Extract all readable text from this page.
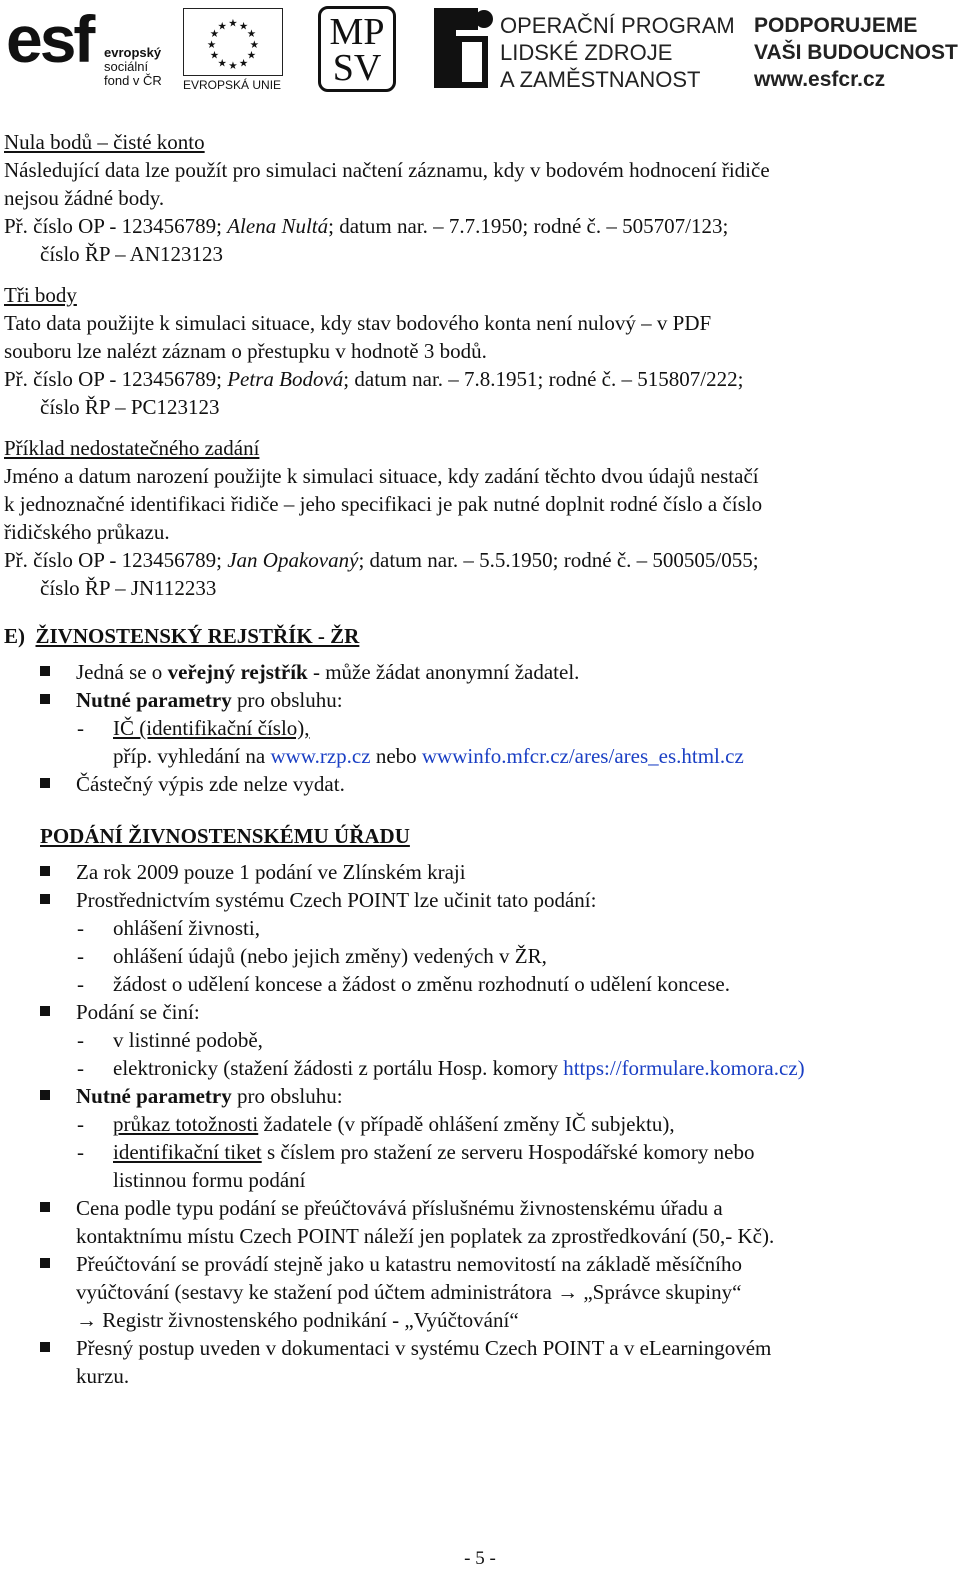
esf evropský
sociální
fond v ČR
★ ★
★
★
★
★
★
★
★
★
★
★
EVROPSKÁ UNIE
MP
SV
OPERAČNÍ PROGRAM
LIDSKÉ ZDROJE
A ZAMĚSTNANOST
PODPORUJEME
VAŠI BUDOUCNOST
www.esfcr.cz
Nula bodů – čisté konto
Následující data lze použít pro simulaci načtení záznamu, kdy v bodovém hodnocení řidiče
nejsou žádné body.
Př. číslo OP - 123456789; Alena Nultá; datum nar. – 7.7.1950; rodné č. – 505707/123;
číslo ŘP – AN123123
Tři body
Tato data použijte k simulaci situace, kdy stav bodového konta není nulový – v PDF
souboru lze nalézt záznam o přestupku v hodnotě 3 bodů.
Př. číslo OP - 123456789; Petra Bodová; datum nar. – 7.8.1951; rodné č. – 515807/222;
číslo ŘP – PC123123
Příklad nedostatečného zadání
Jméno a datum narození použijte k simulaci situace, kdy zadání těchto dvou údajů nestačí
k jednoznačné identifikaci řidiče – jeho specifikaci je pak nutné doplnit rodné číslo a číslo
řidičského průkazu.
Př. číslo OP - 123456789; Jan Opakovaný; datum nar. – 5.5.1950; rodné č. – 500505/055;
číslo ŘP – JN112233
E) ŽIVNOSTENSKÝ REJSTŘÍK - ŽR
Jedná se o veřejný rejstřík - může žádat anonymní žadatel.
Nutné parametry pro obsluhu:
- IČ (identifikační číslo),
příp. vyhledání na www.rzp.cz nebo wwwinfo.mfcr.cz/ares/ares_es.html.cz
Částečný výpis zde nelze vydat.
PODÁNÍ ŽIVNOSTENSKÉMU ÚŘADU
Za rok 2009 pouze 1 podání ve Zlínském kraji
Prostřednictvím systému Czech POINT lze učinit tato podání:
- ohlášení živnosti,
- ohlášení údajů (nebo jejich změny) vedených v ŽR,
- žádost o udělení koncese a žádost o změnu rozhodnutí o udělení koncese.
Podání se činí:
- v listinné podobě,
- elektronicky (stažení žádosti z portálu Hosp. komory https://formulare.komora.cz)
Nutné parametry pro obsluhu:
- průkaz totožnosti žadatele (v případě ohlášení změny IČ subjektu),
- identifikační tiket s číslem pro stažení ze serveru Hospodářské komory nebo
listinnou formu podání
Cena podle typu podání se přeúčtovává příslušnému živnostenskému úřadu a
kontaktnímu místu Czech POINT náleží jen poplatek za zprostředkování (50,- Kč).
Přeúčtování se provádí stejně jako u katastru nemovitostí na základě měsíčního
vyúčtování (sestavy ke stažení pod účtem administrátora → „Správce skupiny“
→ Registr živnostenského podnikání - „Vyúčtování“
Přesný postup uveden v dokumentaci v systému Czech POINT a v eLearningovém
kurzu.
- 5 -
